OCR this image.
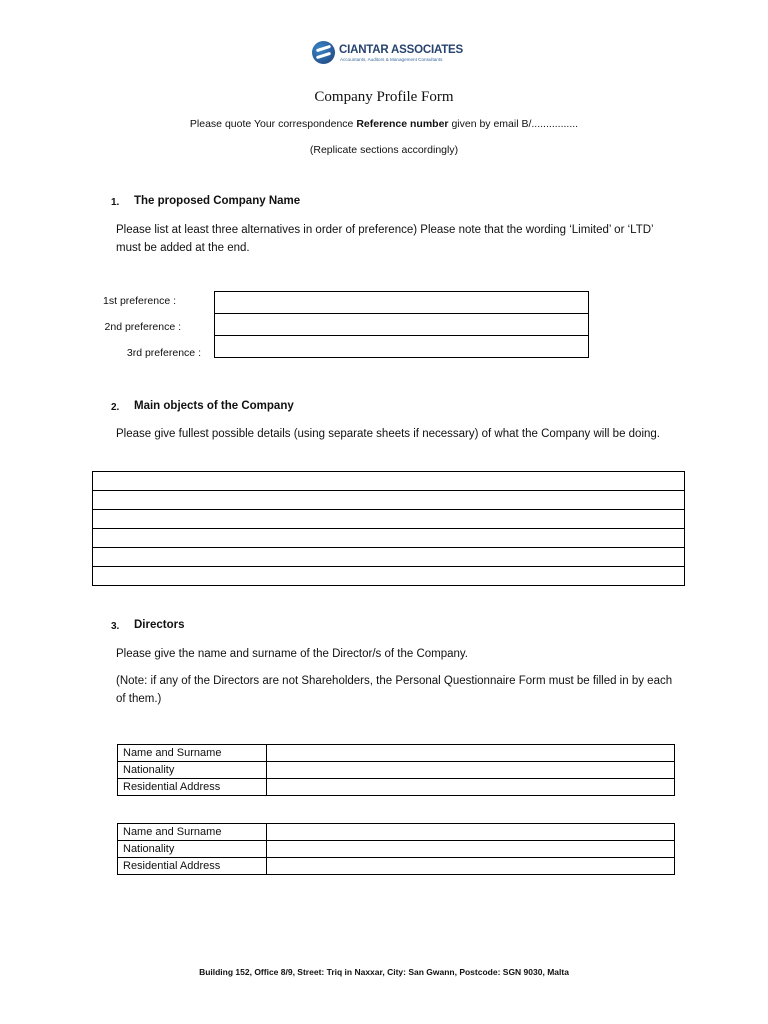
CIANTAR ASSOCIATES
Accountants, Auditors & Management Consultants
Company Profile Form
Please quote Your correspondence Reference number given by email B/................
(Replicate sections accordingly)
1. The proposed Company Name
Please list at least three alternatives in order of preference) Please note that the wording ‘Limited’ or ‘LTD’ must be added at the end.
1st preference :
2nd preference :
3rd preference :
2. Main objects of the Company
Please give fullest possible details (using separate sheets if necessary) of what the Company will be doing.

3. Directors
Please give the name and surname of the Director/s of the Company.
(Note: if any of the Directors are not Shareholders, the Personal Questionnaire Form must be filled in by each of them.)
Name and Surname	
Nationality	
Residential Address	
Name and Surname	
Nationality	
Residential Address	
Building 152, Office 8/9, Street: Triq in Naxxar, City: San Gwann, Postcode: SGN 9030, Malta
